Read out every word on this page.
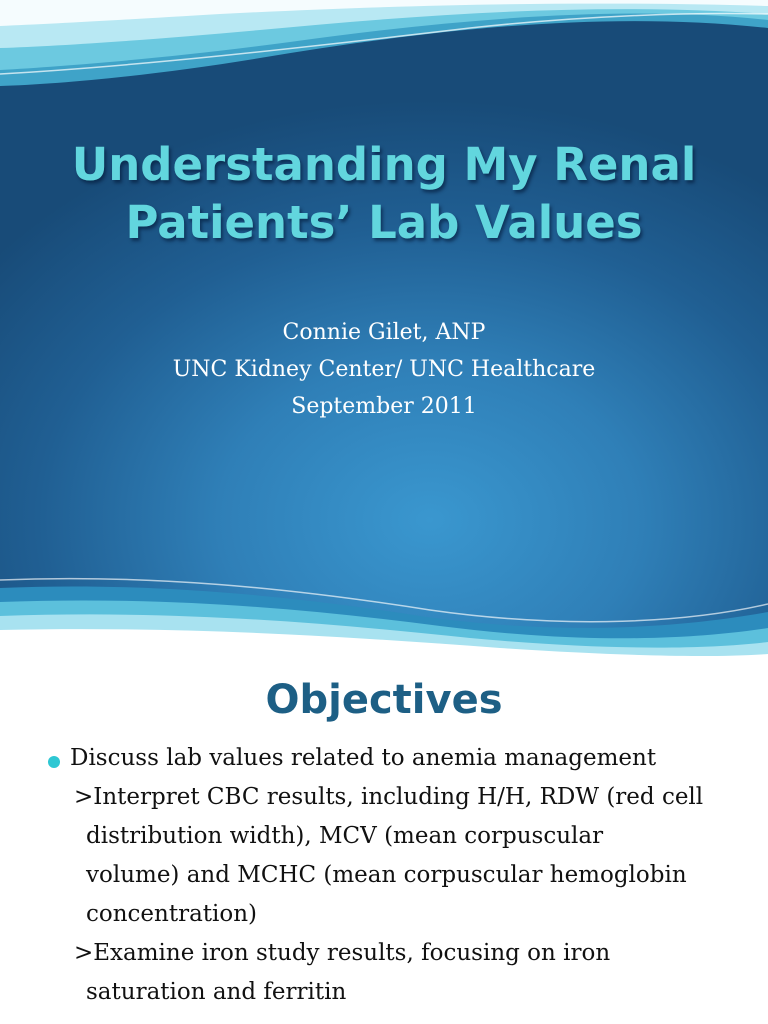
Understanding My Renal
Patients’ Lab Values
Connie Gilet, ANP
UNC Kidney Center/ UNC Healthcare
September 2011
Objectives
Discuss lab values related to anemia management
>Interpret CBC results, including H/H, RDW (red cell
distribution width), MCV (mean corpuscular
volume) and MCHC (mean corpuscular hemoglobin
concentration)
>Examine iron study results, focusing on iron
saturation and ferritin
